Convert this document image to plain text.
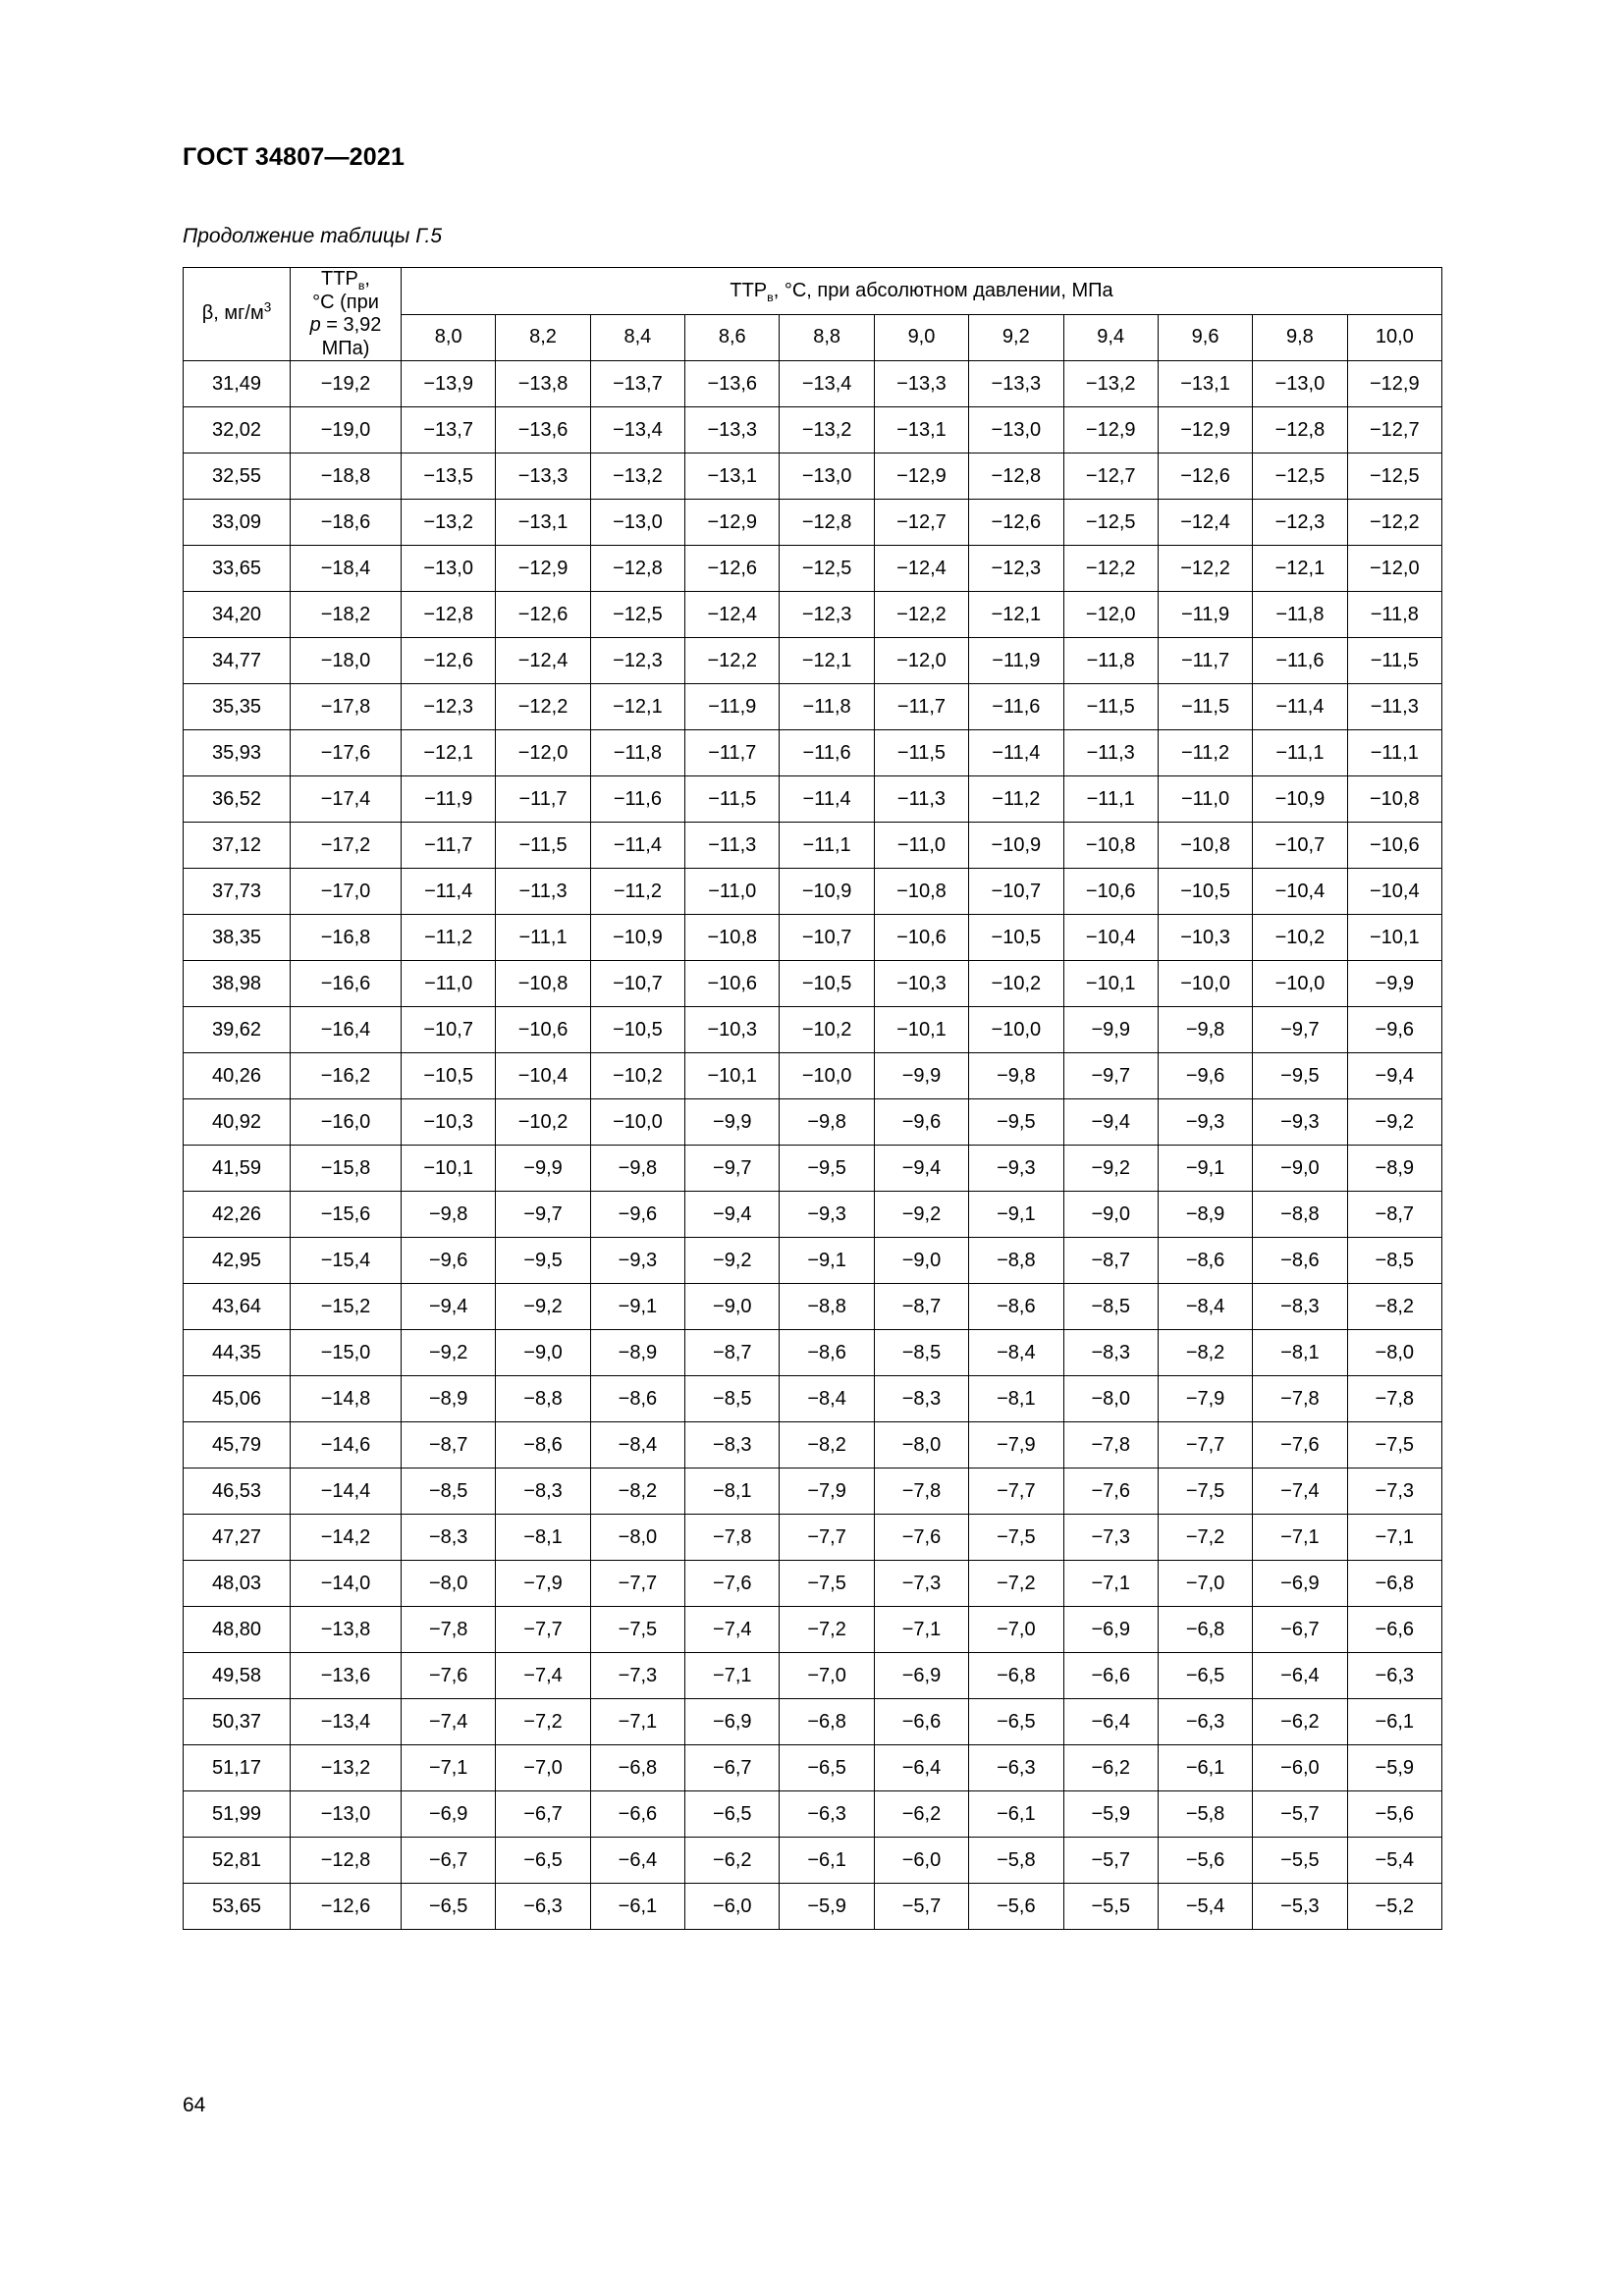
ГОСТ 34807—2021
Продолжение таблицы Г.5
β, $мг/м^3$	$ТТР_в$,
°C (при
p = 3,92
МПа)	$ТТР_в$, °C, при абсолютном давлении, МПа										
		8,0	8,2	8,4	8,6	8,8	9,0	9,2	9,4	9,6	9,8	10,0
31,49	−19,2	−13,9	−13,8	−13,7	−13,6	−13,4	−13,3	−13,3	−13,2	−13,1	−13,0	−12,9
32,02	−19,0	−13,7	−13,6	−13,4	−13,3	−13,2	−13,1	−13,0	−12,9	−12,9	−12,8	−12,7
32,55	−18,8	−13,5	−13,3	−13,2	−13,1	−13,0	−12,9	−12,8	−12,7	−12,6	−12,5	−12,5
33,09	−18,6	−13,2	−13,1	−13,0	−12,9	−12,8	−12,7	−12,6	−12,5	−12,4	−12,3	−12,2
33,65	−18,4	−13,0	−12,9	−12,8	−12,6	−12,5	−12,4	−12,3	−12,2	−12,2	−12,1	−12,0
34,20	−18,2	−12,8	−12,6	−12,5	−12,4	−12,3	−12,2	−12,1	−12,0	−11,9	−11,8	−11,8
34,77	−18,0	−12,6	−12,4	−12,3	−12,2	−12,1	−12,0	−11,9	−11,8	−11,7	−11,6	−11,5
35,35	−17,8	−12,3	−12,2	−12,1	−11,9	−11,8	−11,7	−11,6	−11,5	−11,5	−11,4	−11,3
35,93	−17,6	−12,1	−12,0	−11,8	−11,7	−11,6	−11,5	−11,4	−11,3	−11,2	−11,1	−11,1
36,52	−17,4	−11,9	−11,7	−11,6	−11,5	−11,4	−11,3	−11,2	−11,1	−11,0	−10,9	−10,8
37,12	−17,2	−11,7	−11,5	−11,4	−11,3	−11,1	−11,0	−10,9	−10,8	−10,8	−10,7	−10,6
37,73	−17,0	−11,4	−11,3	−11,2	−11,0	−10,9	−10,8	−10,7	−10,6	−10,5	−10,4	−10,4
38,35	−16,8	−11,2	−11,1	−10,9	−10,8	−10,7	−10,6	−10,5	−10,4	−10,3	−10,2	−10,1
38,98	−16,6	−11,0	−10,8	−10,7	−10,6	−10,5	−10,3	−10,2	−10,1	−10,0	−10,0	−9,9
39,62	−16,4	−10,7	−10,6	−10,5	−10,3	−10,2	−10,1	−10,0	−9,9	−9,8	−9,7	−9,6
40,26	−16,2	−10,5	−10,4	−10,2	−10,1	−10,0	−9,9	−9,8	−9,7	−9,6	−9,5	−9,4
40,92	−16,0	−10,3	−10,2	−10,0	−9,9	−9,8	−9,6	−9,5	−9,4	−9,3	−9,3	−9,2
41,59	−15,8	−10,1	−9,9	−9,8	−9,7	−9,5	−9,4	−9,3	−9,2	−9,1	−9,0	−8,9
42,26	−15,6	−9,8	−9,7	−9,6	−9,4	−9,3	−9,2	−9,1	−9,0	−8,9	−8,8	−8,7
42,95	−15,4	−9,6	−9,5	−9,3	−9,2	−9,1	−9,0	−8,8	−8,7	−8,6	−8,6	−8,5
43,64	−15,2	−9,4	−9,2	−9,1	−9,0	−8,8	−8,7	−8,6	−8,5	−8,4	−8,3	−8,2
44,35	−15,0	−9,2	−9,0	−8,9	−8,7	−8,6	−8,5	−8,4	−8,3	−8,2	−8,1	−8,0
45,06	−14,8	−8,9	−8,8	−8,6	−8,5	−8,4	−8,3	−8,1	−8,0	−7,9	−7,8	−7,8
45,79	−14,6	−8,7	−8,6	−8,4	−8,3	−8,2	−8,0	−7,9	−7,8	−7,7	−7,6	−7,5
46,53	−14,4	−8,5	−8,3	−8,2	−8,1	−7,9	−7,8	−7,7	−7,6	−7,5	−7,4	−7,3
47,27	−14,2	−8,3	−8,1	−8,0	−7,8	−7,7	−7,6	−7,5	−7,3	−7,2	−7,1	−7,1
48,03	−14,0	−8,0	−7,9	−7,7	−7,6	−7,5	−7,3	−7,2	−7,1	−7,0	−6,9	−6,8
48,80	−13,8	−7,8	−7,7	−7,5	−7,4	−7,2	−7,1	−7,0	−6,9	−6,8	−6,7	−6,6
49,58	−13,6	−7,6	−7,4	−7,3	−7,1	−7,0	−6,9	−6,8	−6,6	−6,5	−6,4	−6,3
50,37	−13,4	−7,4	−7,2	−7,1	−6,9	−6,8	−6,6	−6,5	−6,4	−6,3	−6,2	−6,1
51,17	−13,2	−7,1	−7,0	−6,8	−6,7	−6,5	−6,4	−6,3	−6,2	−6,1	−6,0	−5,9
51,99	−13,0	−6,9	−6,7	−6,6	−6,5	−6,3	−6,2	−6,1	−5,9	−5,8	−5,7	−5,6
52,81	−12,8	−6,7	−6,5	−6,4	−6,2	−6,1	−6,0	−5,8	−5,7	−5,6	−5,5	−5,4
53,65	−12,6	−6,5	−6,3	−6,1	−6,0	−5,9	−5,7	−5,6	−5,5	−5,4	−5,3	−5,2
64
